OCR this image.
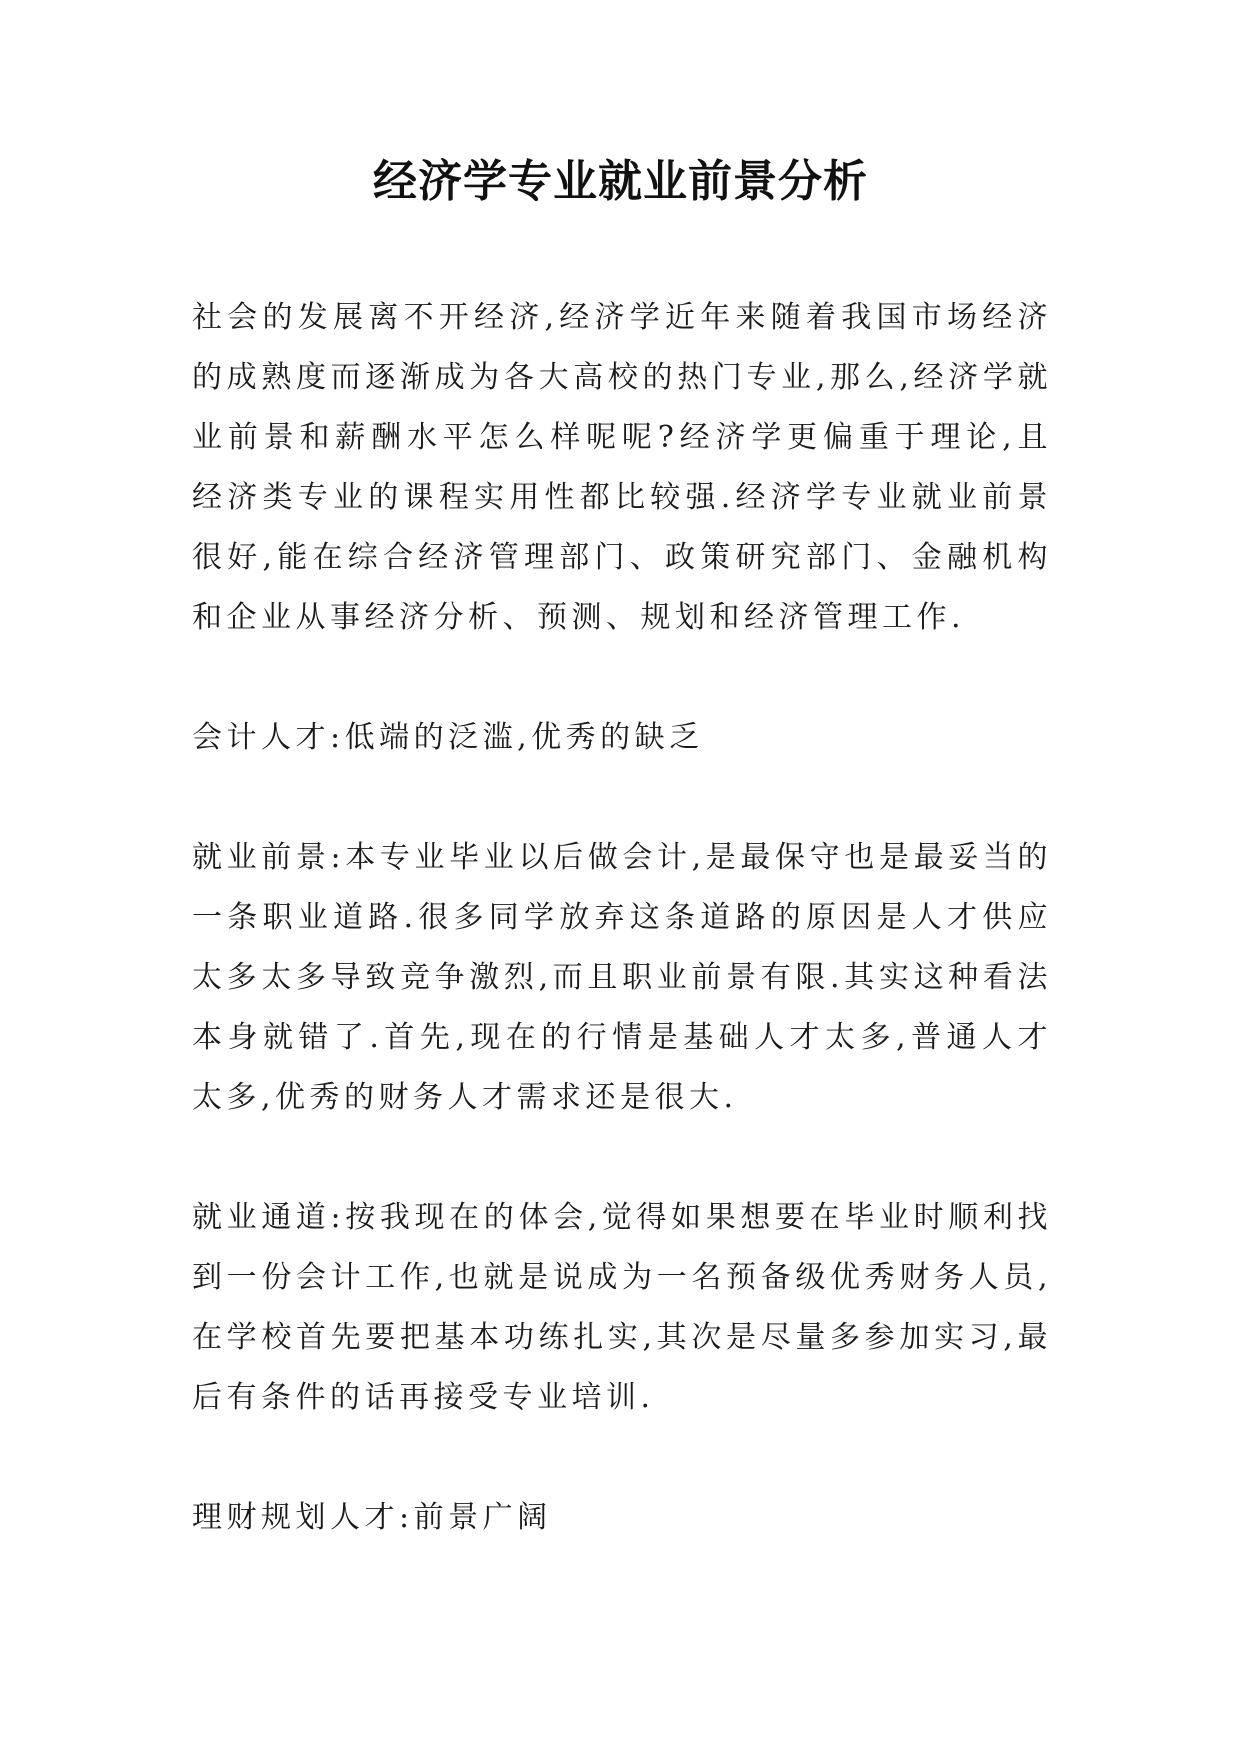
经济学专业就业前景分析

社会的发展离不开经济,经济学近年来随着我国市场经济的成熟度而逐渐成为各大高校的热门专业,那么,经济学就业前景和薪酬水平怎么样呢呢?经济学更偏重于理论,且经济类专业的课程实用性都比较强.经济学专业就业前景很好,能在综合经济管理部门、政策研究部门、金融机构和企业从事经济分析、预测、规划和经济管理工作.

会计人才:低端的泛滥,优秀的缺乏

就业前景:本专业毕业以后做会计,是最保守也是最妥当的一条职业道路.很多同学放弃这条道路的原因是人才供应太多太多导致竞争激烈,而且职业前景有限.其实这种看法本身就错了.首先,现在的行情是基础人才太多,普通人才太多,优秀的财务人才需求还是很大.

就业通道:按我现在的体会,觉得如果想要在毕业时顺利找到一份会计工作,也就是说成为一名预备级优秀财务人员,在学校首先要把基本功练扎实,其次是尽量多参加实习,最后有条件的话再接受专业培训.

理财规划人才:前景广阔
